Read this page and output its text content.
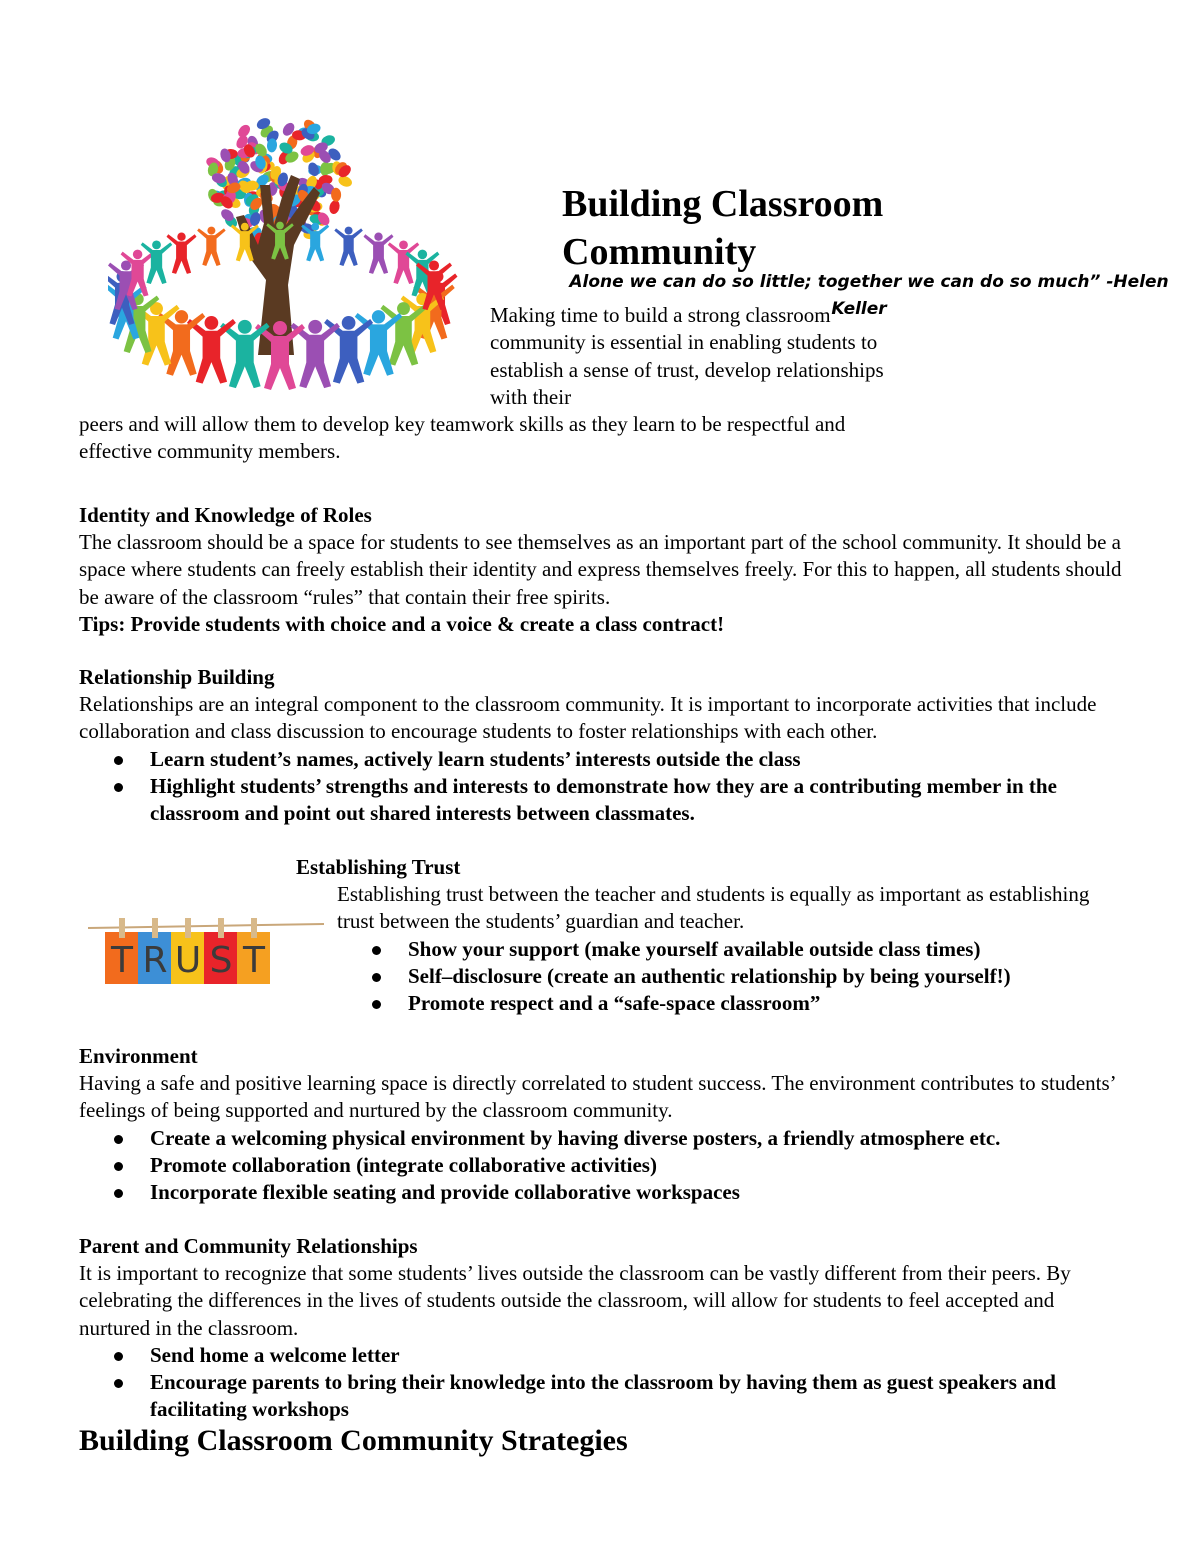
Building Classroom Community
Alone we can do so little; together we can do so much” -Helen
Keller
Making time to build a strong classroom community is essential in enabling students to establish a sense of trust, develop relationships with their
peers and will allow them to develop key teamwork skills as they learn to be respectful and effective community members.
Identity and Knowledge of Roles
The classroom should be a space for students to see themselves as an important part of the school community. It should be a space where students can freely establish their identity and express themselves freely. For this to happen, all students should be aware of the classroom “rules” that contain their free spirits.
Tips: Provide students with choice and a voice & create a class contract!
Relationship Building
Relationships are an integral component to the classroom community. It is important to incorporate activities that include collaboration and class discussion to encourage students to foster relationships with each other.
Learn student’s names, actively learn students’ interests outside the class
Highlight students’ strengths and interests to demonstrate how they are a contributing member in the classroom and point out shared interests between classmates.
T R U S T
Establishing Trust
Establishing trust between the teacher and students is equally as important as establishing trust between the students’ guardian and teacher.
Show your support (make yourself available outside class times)
Self–disclosure (create an authentic relationship by being yourself!)
Promote respect and a “safe-space classroom”
Environment
Having a safe and positive learning space is directly correlated to student success. The environment contributes to students’ feelings of being supported and nurtured by the classroom community.
Create a welcoming physical environment by having diverse posters, a friendly atmosphere etc.
Promote collaboration (integrate collaborative activities)
Incorporate flexible seating and provide collaborative workspaces
Parent and Community Relationships
It is important to recognize that some students’ lives outside the classroom can be vastly different from their peers. By celebrating the differences in the lives of students outside the classroom, will allow for students to feel accepted and nurtured in the classroom.
Send home a welcome letter
Encourage parents to bring their knowledge into the classroom by having them as guest speakers and facilitating workshops
Building Classroom Community Strategies
